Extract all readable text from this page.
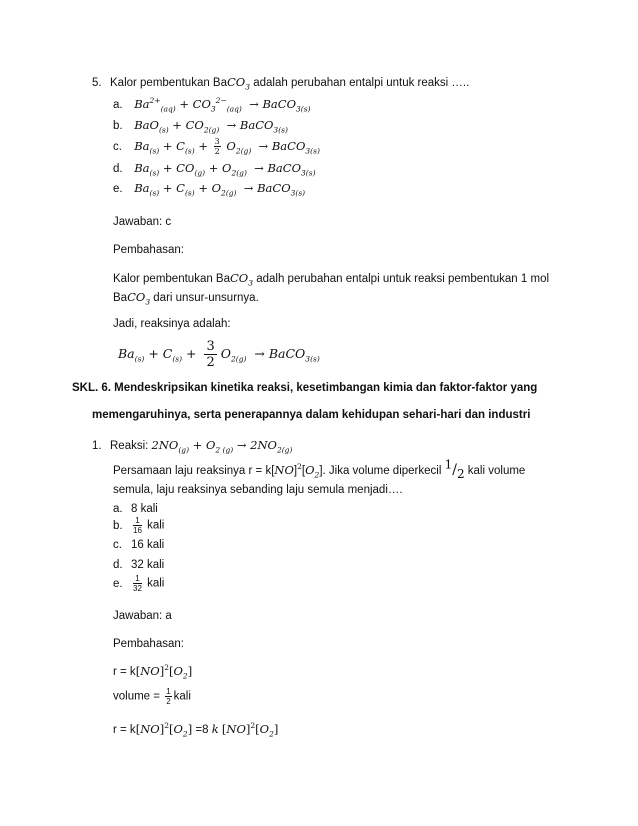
5. Kalor pembentukan BaCO$_3$ adalah perubahan entalpi untuk reaksi …..
a. $Ba^{2+}_{(aq)} + CO_3^{2-}_{(aq)}$  → BaCO$_{3(s)}$
b. $BaO_{(s)} + CO_{2(g)}$  → BaCO$_{3(s)}$
c. $Ba_{(s)} + C_{(s)} + \frac{3}{2} O_{2(g)}$  → BaCO$_{3(s)}$
d. $Ba_{(s)} + CO_{(g)} + O_{2(g)}$  → BaCO$_{3(s)}$
e. $Ba_{(s)} + C_{(s)} + O_{2(g)}$  → BaCO$_{3(s)}$
Jawaban: c
Pembahasan:
Kalor pembentukan BaCO$_3$ adalh perubahan entalpi untuk reaksi pembentukan 1 mol
BaCO$_3$ dari unsur-unsurnya.
Jadi, reaksinya adalah:
$Ba_{(s)} + C_{(s)} + \frac{3}{2} O_{2(g)}$  → BaCO$_{3(s)}$
SKL. 6. Mendeskripsikan kinetika reaksi, kesetimbangan kimia dan faktor-faktor yang
memengaruhinya, serta penerapannya dalam kehidupan sehari-hari dan industri
1. Reaksi: $2NO_{(g)} + O_{2 (g)} \to 2NO_{2(g)}$
Persamaan laju reaksinya $r = k[NO]^2[O_2]$. Jika volume diperkecil $^1/_2$ kali volume
semula, laju reaksinya sebanding laju semula menjadi….
a. 8 kali
b. $\frac{1}{16}$ kali
c. 16 kali
d. 32 kali
e. $\frac{1}{32}$ kali
Jawaban: a
Pembahasan:
$r = k[NO]^2[O_2]$
volume = $\frac{1}{2}$ kali
$r = k[NO]^2[O_2] =8$ k $[NO]^2[O_2]$
